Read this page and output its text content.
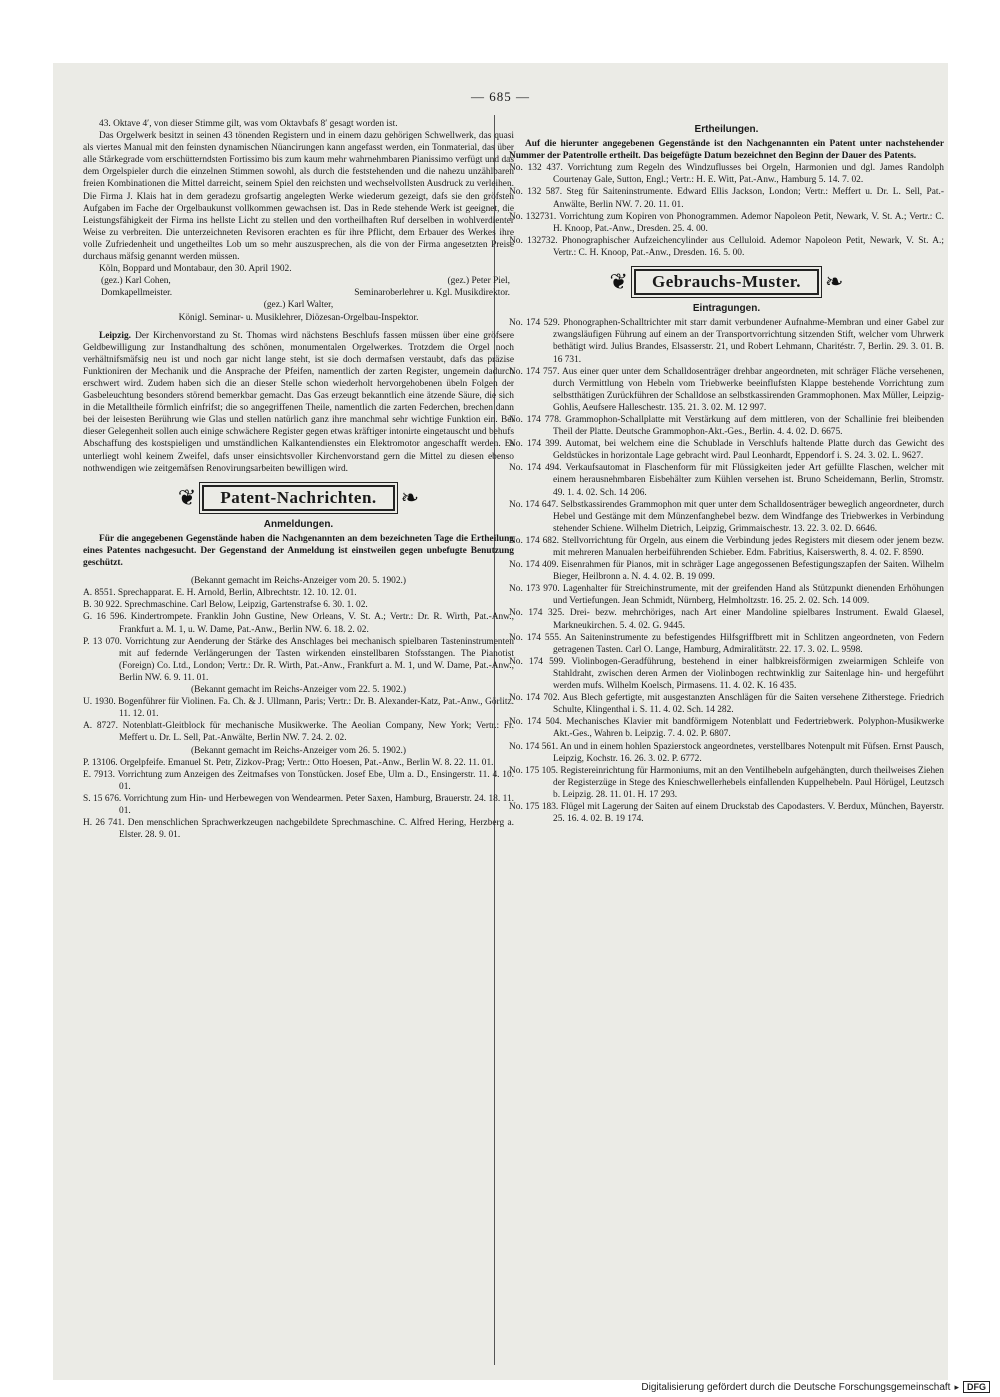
— 685 —

43. Oktave 4′, von dieser Stimme gilt, was vom Oktavbafs 8′ gesagt worden ist.

Das Orgelwerk besitzt in seinen 43 tönenden Registern und in einem dazu gehörigen Schwellwerk, das quasi als viertes Manual mit den feinsten dynamischen Nüancirungen kann angefasst werden, ein Tonmaterial, das über alle Stärkegrade vom erschütterndsten Fortissimo bis zum kaum mehr wahrnehmbaren Pianissimo verfügt und das dem Orgelspieler durch die einzelnen Stimmen sowohl, als durch die feststehenden und die nahezu unzählbaren freien Kombinationen die Mittel darreicht, seinem Spiel den reichsten und wechselvollsten Ausdruck zu verleihen. Die Firma J. Klais hat in dem geradezu grofsartig angelegten Werke wiederum gezeigt, dafs sie den gröfsten Aufgaben im Fache der Orgelbaukunst vollkommen gewachsen ist. Das in Rede stehende Werk ist geeignet, die Leistungsfähigkeit der Firma ins hellste Licht zu stellen und den vortheilhaften Ruf derselben in wohlverdienter Weise zu verbreiten. Die unterzeichneten Revisoren erachten es für ihre Pflicht, dem Erbauer des Werkes ihre volle Zufriedenheit und ungetheiltes Lob um so mehr auszusprechen, als die von der Firma angesetzten Preise durchaus mäfsig genannt werden müssen.

Köln, Boppard und Montabaur, den 30. April 1902.

(gez.) Karl Cohen,	(gez.) Peter Piel,
Domkapellmeister.	Seminaroberlehrer u. Kgl. Musikdirektor.

(gez.) Karl Walter,

Königl. Seminar- u. Musiklehrer, Diözesan-Orgelbau-Inspektor.

Leipzig. Der Kirchenvorstand zu St. Thomas wird nächstens Beschlufs fassen müssen über eine gröfsere Geldbewilligung zur Instandhaltung des schönen, monumentalen Orgelwerkes. Trotzdem die Orgel noch verhältnifsmäfsig neu ist und noch gar nicht lange steht, ist sie doch dermafsen verstaubt, dafs das präzise Funktioniren der Mechanik und die Ansprache der Pfeifen, namentlich der zarten Register, ungemein dadurch erschwert wird. Zudem haben sich die an dieser Stelle schon wiederholt hervorgehobenen übeln Folgen der Gasbeleuchtung besonders störend bemerkbar gemacht. Das Gas erzeugt bekanntlich eine ätzende Säure, die sich in die Metalltheile förmlich einfrifst; die so angegriffenen Theile, namentlich die zarten Federchen, brechen dann bei der leisesten Berührung wie Glas und stellen natürlich ganz ihre manchmal sehr wichtige Funktion ein. Bei dieser Gelegenheit sollen auch einige schwächere Register gegen etwas kräftiger intonirte eingetauscht und behufs Abschaffung des kostspieligen und umständlichen Kalkantendienstes ein Elektromotor angeschafft werden. Es unterliegt wohl keinem Zweifel, dafs unser einsichtsvoller Kirchenvorstand gern die Mittel zu diesen ebenso nothwendigen wie zeitgemäfsen Renovirungsarbeiten bewilligen wird.

❦	Patent-Nachrichten.	❧
Anmeldungen.

Für die angegebenen Gegenstände haben die Nachgenannten an dem bezeichneten Tage die Ertheilung eines Patentes nachgesucht. Der Gegenstand der Anmeldung ist einstweilen gegen unbefugte Benutzung geschützt.

(Bekannt gemacht im Reichs-Anzeiger vom 20. 5. 1902.)

A. 8551. Sprechapparat. E. H. Arnold, Berlin, Albrechtstr. 12. 10. 12. 01.

B. 30 922. Sprechmaschine. Carl Below, Leipzig, Gartenstrafse 6. 30. 1. 02.

G. 16 596. Kindertrompete. Franklin John Gustine, New Orleans, V. St. A.; Vertr.: Dr. R. Wirth, Pat.-Anw., Frankfurt a. M. 1, u. W. Dame, Pat.-Anw., Berlin NW. 6. 18. 2. 02.

P. 13 070. Vorrichtung zur Aenderung der Stärke des Anschlages bei mechanisch spielbaren Tasteninstrumenten mit auf federnde Verlängerungen der Tasten wirkenden einstellbaren Stofsstangen. The Pianotist (Foreign) Co. Ltd., London; Vertr.: Dr. R. Wirth, Pat.-Anw., Frankfurt a. M. 1, und W. Dame, Pat.-Anw., Berlin NW. 6. 9. 11. 01.

(Bekannt gemacht im Reichs-Anzeiger vom 22. 5. 1902.)

U. 1930. Bogenführer für Violinen. Fa. Ch. & J. Ullmann, Paris; Vertr.: Dr. B. Alexander-Katz, Pat.-Anw., Görlitz. 11. 12. 01.

A. 8727. Notenblatt-Gleitblock für mechanische Musikwerke. The Aeolian Company, New York; Vertr.: Fr. Meffert u. Dr. L. Sell, Pat.-Anwälte, Berlin NW. 7. 24. 2. 02.

(Bekannt gemacht im Reichs-Anzeiger vom 26. 5. 1902.)

P. 13106. Orgelpfeife. Emanuel St. Petr, Zizkov-Prag; Vertr.: Otto Hoesen, Pat.-Anw., Berlin W. 8. 22. 11. 01.

E. 7913. Vorrichtung zum Anzeigen des Zeitmafses von Tonstücken. Josef Ebe, Ulm a. D., Ensingerstr. 11. 4. 10. 01.

S. 15 676. Vorrichtung zum Hin- und Herbewegen von Wendearmen. Peter Saxen, Hamburg, Brauerstr. 24. 18. 11. 01.

H. 26 741. Den menschlichen Sprachwerkzeugen nachgebildete Sprechmaschine. C. Alfred Hering, Herzberg a. Elster. 28. 9. 01.

Ertheilungen.

Auf die hierunter angegebenen Gegenstände ist den Nachgenannten ein Patent unter nachstehender Nummer der Patentrolle ertheilt. Das beigefügte Datum bezeichnet den Beginn der Dauer des Patents.

No. 132 437. Vorrichtung zum Regeln des Windzuflusses bei Orgeln, Harmonien und dgl. James Randolph Courtenay Gale, Sutton, Engl.; Vertr.: H. E. Witt, Pat.-Anw., Hamburg 5. 14. 7. 02.

No. 132 587. Steg für Saiteninstrumente. Edward Ellis Jackson, London; Vertr.: Meffert u. Dr. L. Sell, Pat.-Anwälte, Berlin NW. 7. 20. 11. 01.

No. 132731. Vorrichtung zum Kopiren von Phonogrammen. Ademor Napoleon Petit, Newark, V. St. A.; Vertr.: C. H. Knoop, Pat.-Anw., Dresden. 25. 4. 00.

No. 132732. Phonographischer Aufzeichencylinder aus Celluloid. Ademor Napoleon Petit, Newark, V. St. A.; Vertr.: C. H. Knoop, Pat.-Anw., Dresden. 16. 5. 00.

❦	Gebrauchs-Muster.	❧
Eintragungen.

No. 174 529. Phonographen-Schalltrichter mit starr damit verbundener Aufnahme-Membran und einer Gabel zur zwangsläufigen Führung auf einem an der Transportvorrichtung sitzenden Stift, welcher vom Uhrwerk bethätigt wird. Julius Brandes, Elsasserstr. 21, und Robert Lehmann, Charitéstr. 7, Berlin. 29. 3. 01. B. 16 731.

No. 174 757. Aus einer quer unter dem Schalldosenträger drehbar angeordneten, mit schräger Fläche versehenen, durch Vermittlung von Hebeln vom Triebwerke beeinflufsten Klappe bestehende Vorrichtung zum selbstthätigen Zurückführen der Schalldose an selbstkassirenden Grammophonen. Max Müller, Leipzig-Gohlis, Aeufsere Halleschestr. 135. 21. 3. 02. M. 12 997.

No. 174 778. Grammophon-Schallplatte mit Verstärkung auf dem mittleren, von der Schallinie frei bleibenden Theil der Platte. Deutsche Grammophon-Akt.-Ges., Berlin. 4. 4. 02. D. 6675.

No. 174 399. Automat, bei welchem eine die Schublade in Verschlufs haltende Platte durch das Gewicht des Geldstückes in horizontale Lage gebracht wird. Paul Leonhardt, Eppendorf i. S. 24. 3. 02. L. 9627.

No. 174 494. Verkaufsautomat in Flaschenform für mit Flüssigkeiten jeder Art gefüllte Flaschen, welcher mit einem herausnehmbaren Eisbehälter zum Kühlen versehen ist. Bruno Scheidemann, Berlin, Stromstr. 49. 1. 4. 02. Sch. 14 206.

No. 174 647. Selbstkassirendes Grammophon mit quer unter dem Schalldosenträger beweglich angeordneter, durch Hebel und Gestänge mit dem Münzenfanghebel bezw. dem Windfange des Triebwerkes in Verbindung stehender Schiene. Wilhelm Dietrich, Leipzig, Grimmaischestr. 13. 22. 3. 02. D. 6646.

No. 174 682. Stellvorrichtung für Orgeln, aus einem die Verbindung jedes Registers mit diesem oder jenem bezw. mit mehreren Manualen herbeiführenden Schieber. Edm. Fabritius, Kaiserswerth, 8. 4. 02. F. 8590.

No. 174 409. Eisenrahmen für Pianos, mit in schräger Lage angegossenen Befestigungszapfen der Saiten. Wilhelm Bieger, Heilbronn a. N. 4. 4. 02. B. 19 099.

No. 173 970. Lagenhalter für Streichinstrumente, mit der greifenden Hand als Stützpunkt dienenden Erhöhungen und Vertiefungen. Jean Schmidt, Nürnberg, Helmholtzstr. 16. 25. 2. 02. Sch. 14 009.

No. 174 325. Drei- bezw. mehrchöriges, nach Art einer Mandoline spielbares Instrument. Ewald Glaesel, Markneukirchen. 5. 4. 02. G. 9445.

No. 174 555. An Saiteninstrumente zu befestigendes Hilfsgriffbrett mit in Schlitzen angeordneten, von Federn getragenen Tasten. Carl O. Lange, Hamburg, Admiralitätstr. 22. 17. 3. 02. L. 9598.

No. 174 599. Violinbogen-Geradführung, bestehend in einer halbkreisförmigen zweiarmigen Schleife von Stahldraht, zwischen deren Armen der Violinbogen rechtwinklig zur Saitenlage hin- und hergeführt werden mufs. Wilhelm Koelsch, Pirmasens. 11. 4. 02. K. 16 435.

No. 174 702. Aus Blech gefertigte, mit ausgestanzten Anschlägen für die Saiten versehene Zitherstege. Friedrich Schulte, Klingenthal i. S. 11. 4. 02. Sch. 14 282.

No. 174 504. Mechanisches Klavier mit bandförmigem Notenblatt und Federtriebwerk. Polyphon-Musikwerke Akt.-Ges., Wahren b. Leipzig. 7. 4. 02. P. 6807.

No. 174 561. An und in einem hohlen Spazierstock angeordnetes, verstellbares Notenpult mit Füfsen. Ernst Pausch, Leipzig, Kochstr. 16. 26. 3. 02. P. 6772.

No. 175 105. Registereinrichtung für Harmoniums, mit an den Ventilhebeln aufgehängten, durch theilweises Ziehen der Registerzüge in Stege des Knieschwellerhebels einfallenden Kuppelhebeln. Paul Hörügel, Leutzsch b. Leipzig. 28. 11. 01. H. 17 293.

No. 175 183. Flügel mit Lagerung der Saiten auf einem Druckstab des Capodasters. V. Berdux, München, Bayerstr. 25. 16. 4. 02. B. 19 174.

Digitalisierung gefördert durch die Deutsche Forschungsgemeinschaft ▸ DFG
